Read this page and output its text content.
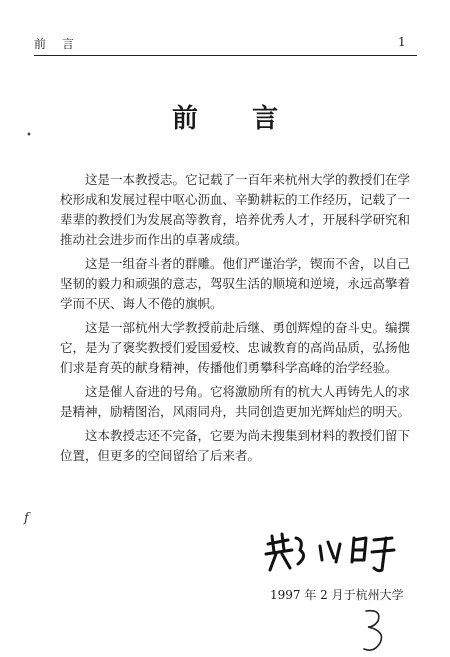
前　言	1
•
f
前　言

这是一本教授志。它记载了一百年来杭州大学的教授们在学校形成和发展过程中呕心沥血、辛勤耕耘的工作经历，记载了一辈辈的教授们为发展高等教育，培养优秀人才，开展科学研究和推动社会进步而作出的卓著成绩。

这是一组奋斗者的群雕。他们严谨治学，锲而不舍，以自己坚韧的毅力和顽强的意志，驾驭生活的顺境和逆境，永远高擎着学而不厌、诲人不倦的旗帜。

这是一部杭州大学教授前赴后继、勇创辉煌的奋斗史。编撰它，是为了褒奖教授们爱国爱校、忠诚教育的高尚品质，弘扬他们求是育英的献身精神，传播他们勇攀科学高峰的治学经验。

这是催人奋进的号角。它将激励所有的杭大人再铸先人的求是精神，励精图治，风雨同舟，共同创造更加光辉灿烂的明天。

这本教授志还不完备，它要为尚未搜集到材料的教授们留下位置，但更多的空间留给了后来者。

1997 年 2 月于杭州大学
